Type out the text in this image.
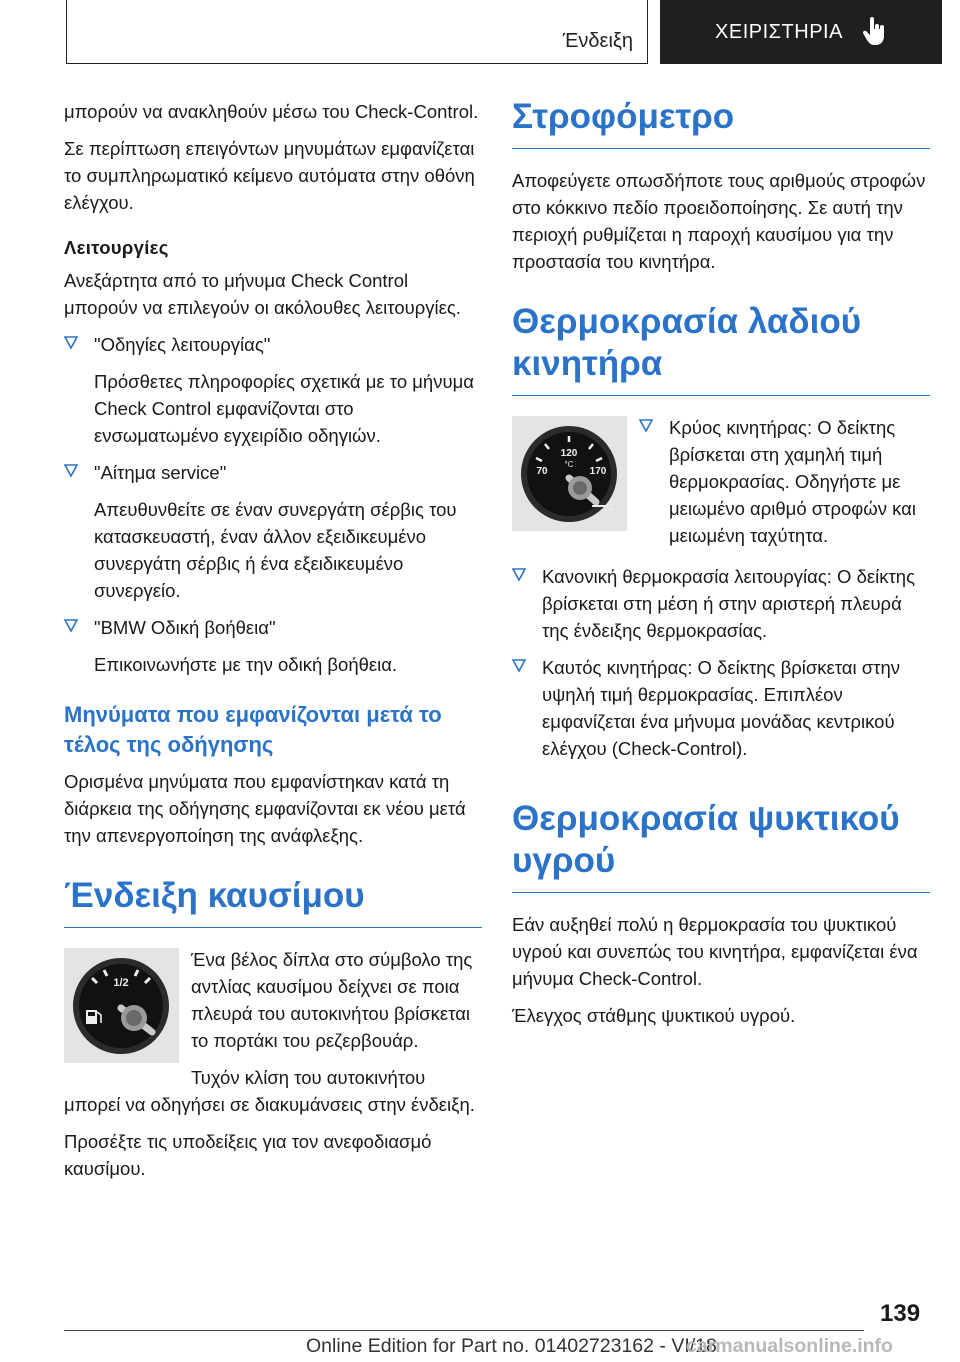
Ένδειξη	ΧΕΙΡΙΣΤΗΡΙΑ

μπορούν να ανακληθούν μέσω του Check-Control.

Σε περίπτωση επειγόντων μηνυμάτων εμφανίζεται το συμπληρωματικό κείμενο αυτόματα στην οθόνη ελέγχου.

Λειτουργίες

Ανεξάρτητα από το μήνυμα Check Control μπορούν να επιλεγούν οι ακόλουθες λειτουργίες.

"Οδηγίες λειτουργίας"
Πρόσθετες πληροφορίες σχετικά με το μήνυμα Check Control εμφανίζονται στο ενσωματωμένο εγχειρίδιο οδηγιών.
"Αίτημα service"
Απευθυνθείτε σε έναν συνεργάτη σέρβις του κατασκευαστή, έναν άλλον εξειδικευμένο συνεργάτη σέρβις ή ένα εξειδικευμένο συνεργείο.
"BMW Οδική βοήθεια"
Επικοινωνήστε με την οδική βοήθεια.
Μηνύματα που εμφανίζονται μετά το τέλος της οδήγησης

Ορισμένα μηνύματα που εμφανίστηκαν κατά τη διάρκεια της οδήγησης εμφανίζονται εκ νέου μετά την απενεργοποίηση της ανάφλεξης.

Ένδειξη καυσίμου
1/2

Ένα βέλος δίπλα στο σύμβολο της αντλίας καυσίμου δείχνει σε ποια πλευρά του αυτοκινήτου βρίσκεται το πορτάκι του ρεζερβουάρ.

Τυχόν κλίση του αυτοκινήτου μπορεί να οδηγήσει σε διακυμάνσεις στην ένδειξη.

Προσέξτε τις υποδείξεις για τον ανεφοδιασμό καυσίμου.

Στροφόμετρο

Αποφεύγετε οπωσδήποτε τους αριθμούς στροφών στο κόκκινο πεδίο προειδοποίησης. Σε αυτή την περιοχή ρυθμίζεται η παροχή καυσίμου για την προστασία του κινητήρα.

Θερμοκρασία λαδιού κινητήρα
120
°C
70	170
Κρύος κινητήρας: Ο δείκτης βρίσκεται στη χαμηλή τιμή θερμοκρασίας. Οδηγήστε με μειωμένο αριθμό στροφών και μειωμένη ταχύτητα.
Κανονική θερμοκρασία λειτουργίας: Ο δείκτης βρίσκεται στη μέση ή στην αριστερή πλευρά της ένδειξης θερμοκρασίας.
Καυτός κινητήρας: Ο δείκτης βρίσκεται στην υψηλή τιμή θερμοκρασίας. Επιπλέον εμφανίζεται ένα μήνυμα μονάδας κεντρικού ελέγχου (Check-Control).
Θερμοκρασία ψυκτικού υγρού

Εάν αυξηθεί πολύ η θερμοκρασία του ψυκτικού υγρού και συνεπώς του κινητήρα, εμφανίζεται ένα μήνυμα Check-Control.

Έλεγχος στάθμης ψυκτικού υγρού.

139
Online Edition for Part no. 01402723162 - VI/18
carmanualsonline.info
